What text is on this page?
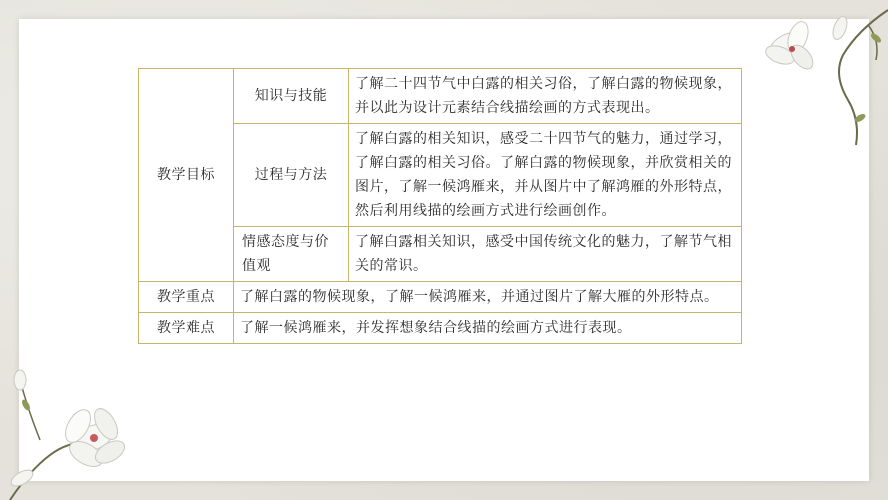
教学目标	知识与技能	了解二十四节气中白露的相关习俗，了解白露的物候现象，并以此为设计元素结合线描绘画的方式表现出。
	过程与方法	了解白露的相关知识，感受二十四节气的魅力，通过学习，了解白露的相关习俗。了解白露的物候现象，并欣赏相关的图片，了解一候鸿雁来，并从图片中了解鸿雁的外形特点，然后利用线描的绘画方式进行绘画创作。
	情感态度与价值观	了解白露相关知识，感受中国传统文化的魅力，了解节气相关的常识。
教学重点	了解白露的物候现象，了解一候鸿雁来，并通过图片了解大雁的外形特点。	
教学难点	了解一候鸿雁来，并发挥想象结合线描的绘画方式进行表现。	
